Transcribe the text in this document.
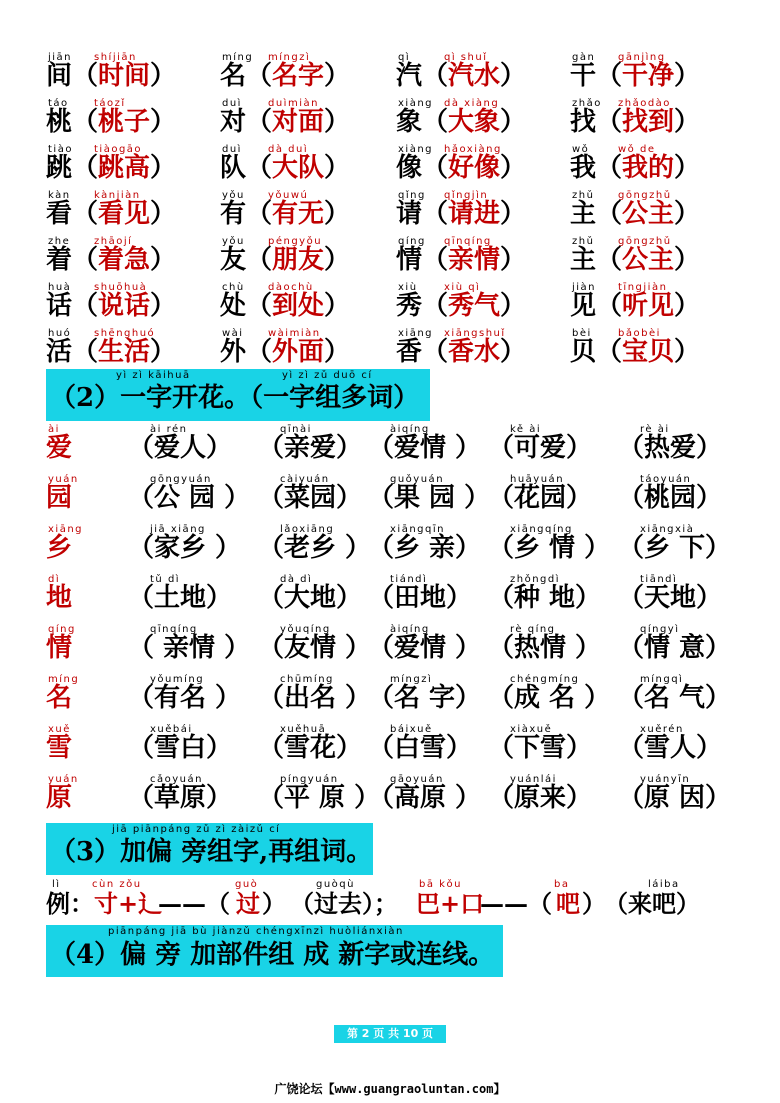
jiān
间
shíjiān
（时间）
míng
名
míngzì
（名字）
qì
汽
qì shuǐ
（汽水）
gàn
干
gānjìng
（干净）
táo
桃
táozǐ
（桃子）
duì
对
duìmiàn
（对面）
xiàng
象
dà xiàng
（大象）
zhǎo
找
zhǎodào
（找到）
tiào
跳
tiàogāo
（跳高）
duì
队
dà duì
（大队）
xiàng
像
hǎoxiàng
（好像）
wǒ
我
wǒ de
（我的）
kàn
看
kànjiàn
（看见）
yǒu
有
yǒuwú
（有无）
qǐng
请
qǐngjìn
（请进）
zhǔ
主
gōngzhǔ
（公主）
zhe
着
zhāojí
（着急）
yǒu
友
péngyǒu
（朋友）
qíng
情
qīnqíng
（亲情）
zhǔ
主
gōngzhǔ
（公主）
huà
话
shuōhuà
（说话）
chù
处
dàochù
（到处）
xiù
秀
xiù qì
（秀气）
jiàn
见
tīngjiàn
（听见）
huó
活
shēnghuó
（生活）
wài
外
wàimiàn
（外面）
xiāng
香
xiāngshuǐ
（香水）
bèi
贝
bǎobèi
（宝贝）
ài
爱
ài rén
（爱人）
qīnài
（亲爱）
àiqíng
（爱情 ）
kě ài
（可爱）
rè ài
（热爱）
yuán
园
gōngyuán
（公 园 ）
càiyuán
（菜园）
guǒyuán
（果 园 ）
huāyuán
（花园）
táoyuán
（桃园）
xiāng
乡
jiā xiāng
（家乡 ）
lǎoxiāng
（老乡 ）
xiāngqīn
（乡 亲）
xiāngqíng
（乡 情 ）
xiāngxià
（乡 下）
dì
地
tǔ dì
（土地）
dà dì
（大地）
tiándì
（田地）
zhǒngdì
（种 地）
tiāndì
（天地）
qíng
情
qīnqíng
（ 亲情 ）
yǒuqíng
（友情 ）
àiqíng
（爱情 ）
rè qíng
（热情 ）
qíngyì
（情 意）
míng
名
yǒumíng
（有名 ）
chūmíng
（出名 ）
míngzì
（名 字）
chéngmíng
（成 名 ）
míngqì
（名 气）
xuě
雪
xuěbái
（雪白）
xuěhuā
（雪花）
báixuě
（白雪）
xiàxuě
（下雪）
xuěrén
（雪人）
yuán
原
cǎoyuán
（草原）
píngyuán
（平 原 ）
gāoyuán
（高原 ）
yuánlái
（原来）
yuányīn
（原 因）
jiā piānpáng zǔ zì zàizǔ cí
（3）加偏 旁组字,再组词。
lì
例：
cùn zǒu
寸+辶
——（
guò
过 ）
guòqù
（过去）；
bā kǒu
巴+口
——（
ba
吧 ）
láiba
（来吧）
piānpáng jiā bù jiànzǔ chéngxīnzì huòliánxiàn
（4）偏 旁 加部件组 成 新字或连线。
yì zì kāihuā	yì zì zǔ duō cí
（2）一字开花。（一字组多词）
第 2 页 共 10 页
广饶论坛【www.guangraoluntan.com】
